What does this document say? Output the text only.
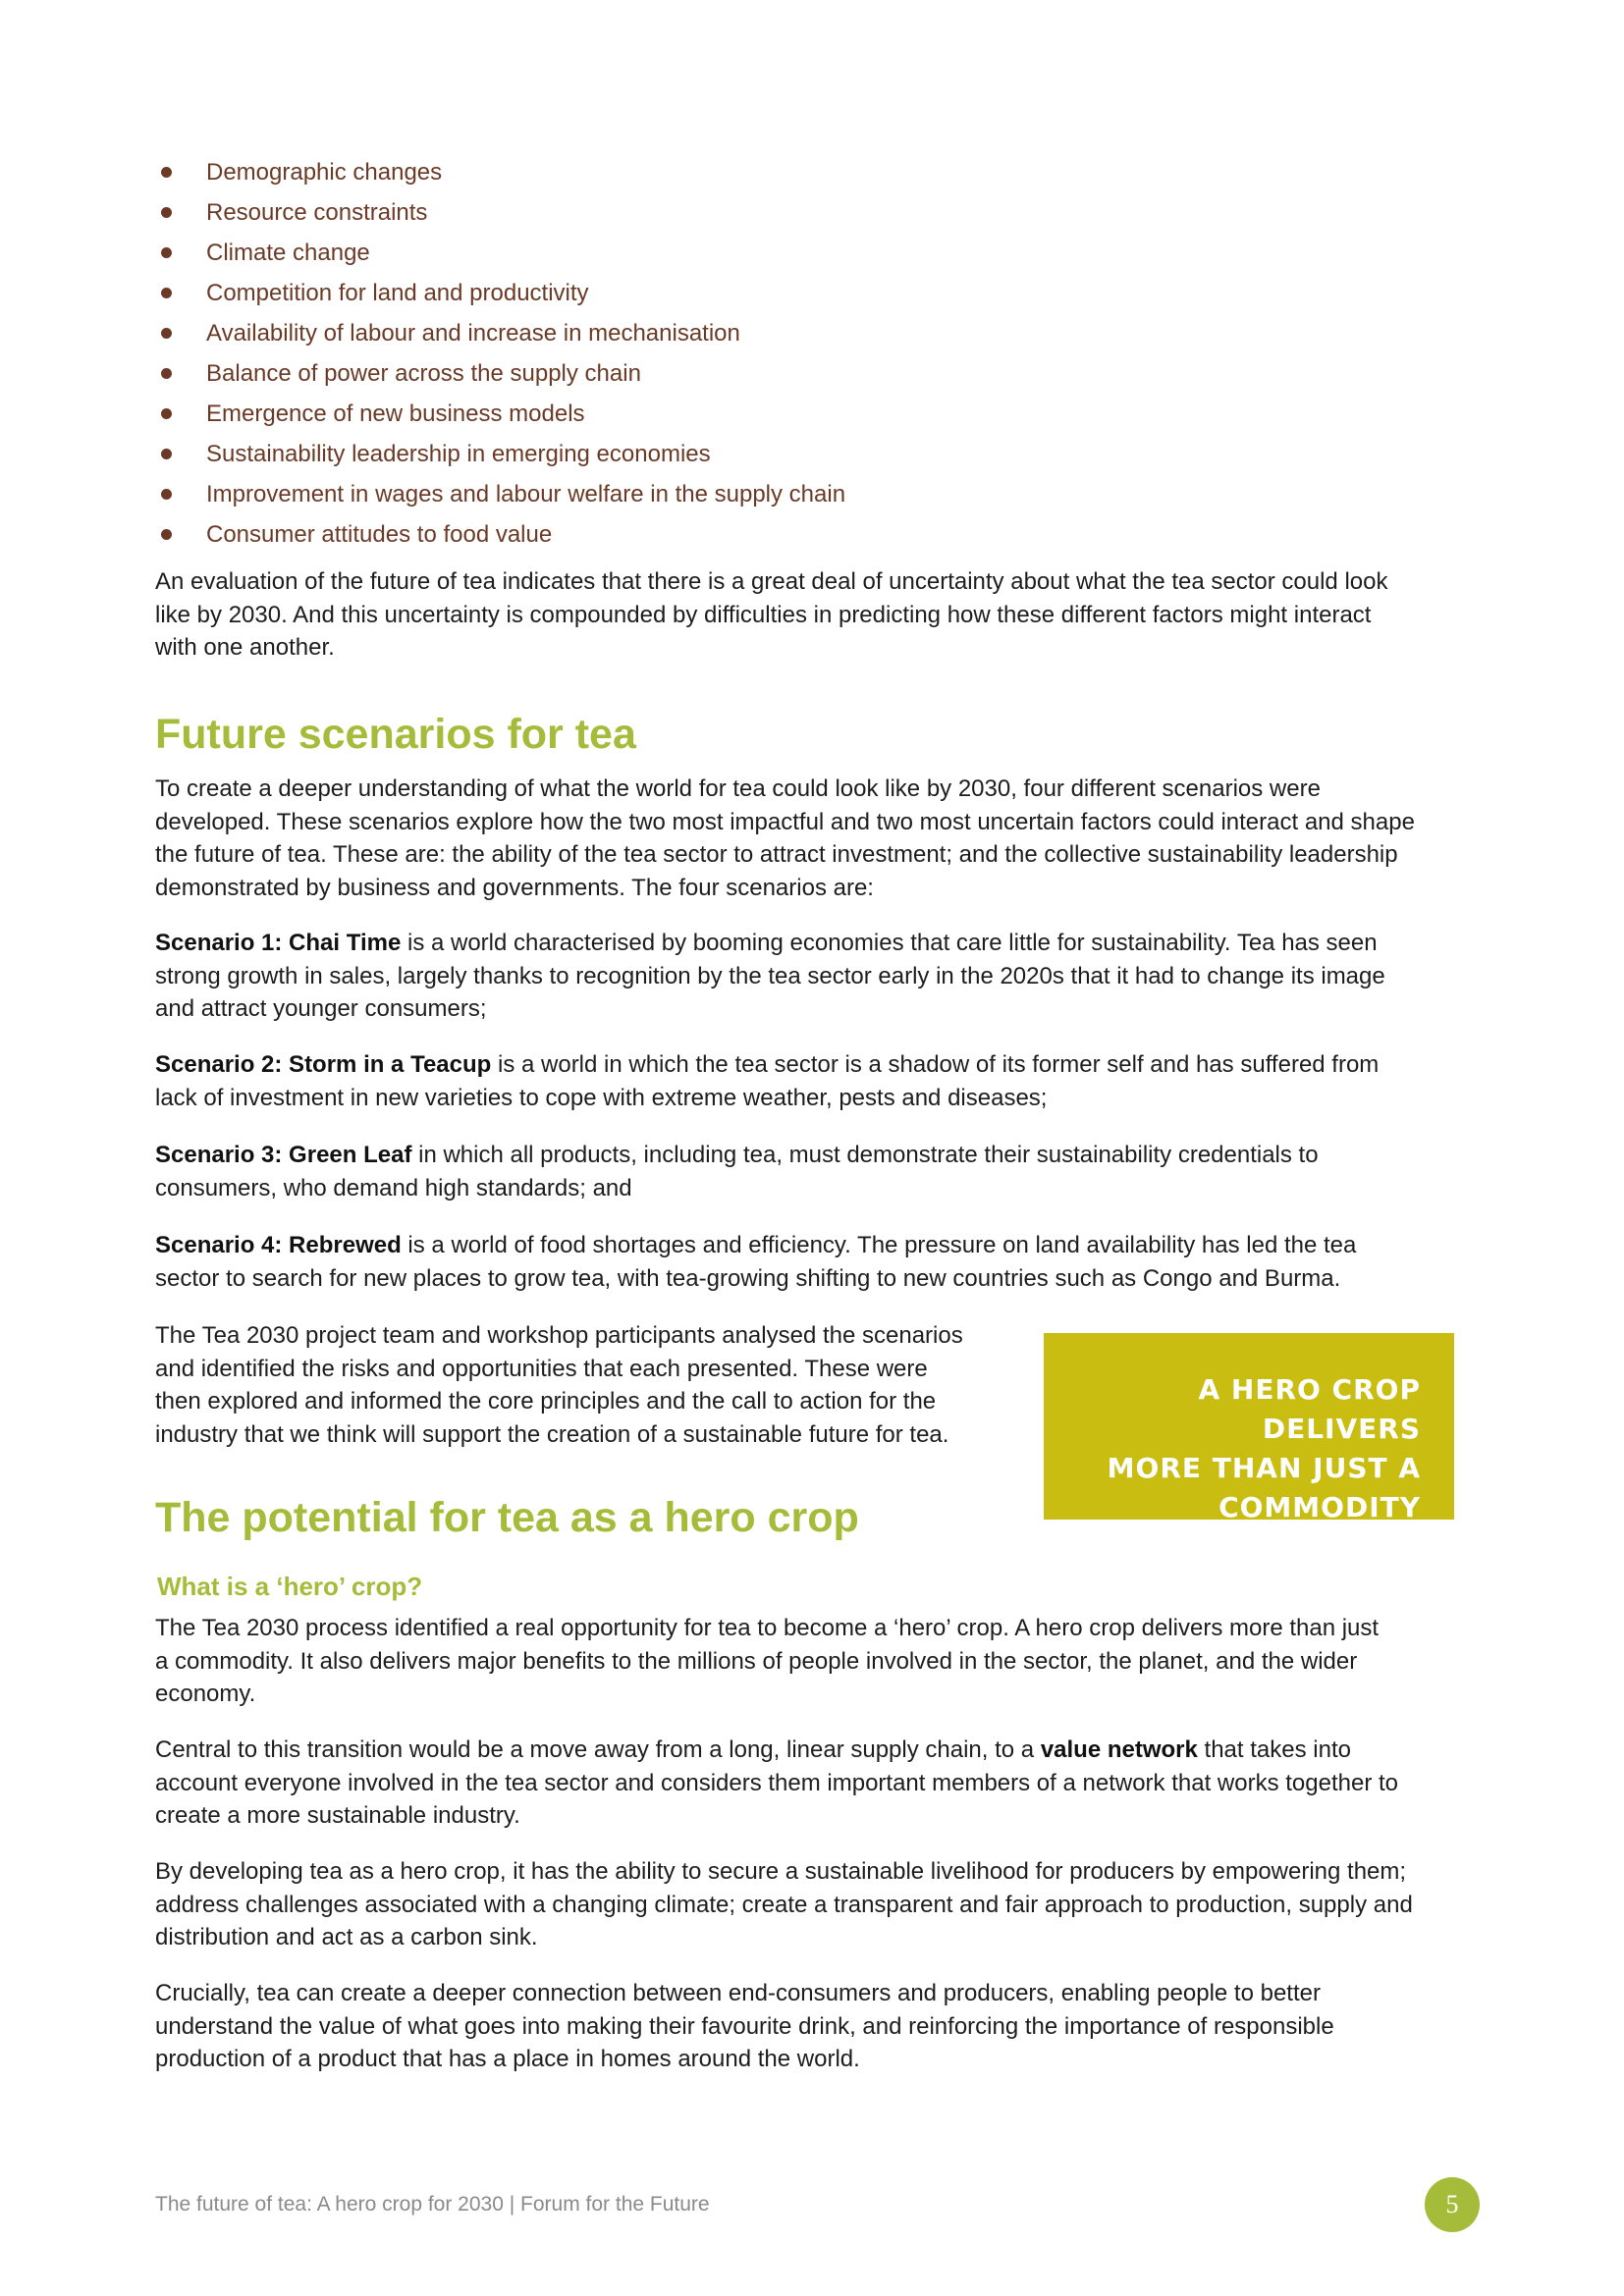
Demographic changes
Resource constraints
Climate change
Competition for land and productivity
Availability of labour and increase in mechanisation
Balance of power across the supply chain
Emergence of new business models
Sustainability leadership in emerging economies
Improvement in wages and labour welfare in the supply chain
Consumer attitudes to food value

An evaluation of the future of tea indicates that there is a great deal of uncertainty about what the tea sector could look
like by 2030. And this uncertainty is compounded by difficulties in predicting how these different factors might interact
with one another.

Future scenarios for tea

To create a deeper understanding of what the world for tea could look like by 2030, four different scenarios were
developed. These scenarios explore how the two most impactful and two most uncertain factors could interact and shape
the future of tea. These are: the ability of the tea sector to attract investment; and the collective sustainability leadership
demonstrated by business and governments. The four scenarios are:

Scenario 1: Chai Time is a world characterised by booming economies that care little for sustainability. Tea has seen
strong growth in sales, largely thanks to recognition by the tea sector early in the 2020s that it had to change its image
and attract younger consumers;

Scenario 2: Storm in a Teacup is a world in which the tea sector is a shadow of its former self and has suffered from
lack of investment in new varieties to cope with extreme weather, pests and diseases;

Scenario 3: Green Leaf in which all products, including tea, must demonstrate their sustainability credentials to
consumers, who demand high standards; and

Scenario 4: Rebrewed is a world of food shortages and efficiency. The pressure on land availability has led the tea
sector to search for new places to grow tea, with tea-growing shifting to new countries such as Congo and Burma.

The Tea 2030 project team and workshop participants analysed the scenarios
and identified the risks and opportunities that each presented. These were
then explored and informed the core principles and the call to action for the
industry that we think will support the creation of a sustainable future for tea.

A HERO CROP DELIVERS
MORE THAN JUST A
COMMODITY
The potential for tea as a hero crop
What is a ‘hero’ crop?

The Tea 2030 process identified a real opportunity for tea to become a ‘hero’ crop. A hero crop delivers more than just
a commodity. It also delivers major benefits to the millions of people involved in the sector, the planet, and the wider
economy.

Central to this transition would be a move away from a long, linear supply chain, to a value network that takes into
account everyone involved in the tea sector and considers them important members of a network that works together to
create a more sustainable industry.

By developing tea as a hero crop, it has the ability to secure a sustainable livelihood for producers by empowering them;
address challenges associated with a changing climate; create a transparent and fair approach to production, supply and
distribution and act as a carbon sink.

Crucially, tea can create a deeper connection between end-consumers and producers, enabling people to better
understand the value of what goes into making their favourite drink, and reinforcing the importance of responsible
production of a product that has a place in homes around the world.

The future of tea: A hero crop for 2030 | Forum for the Future	5
